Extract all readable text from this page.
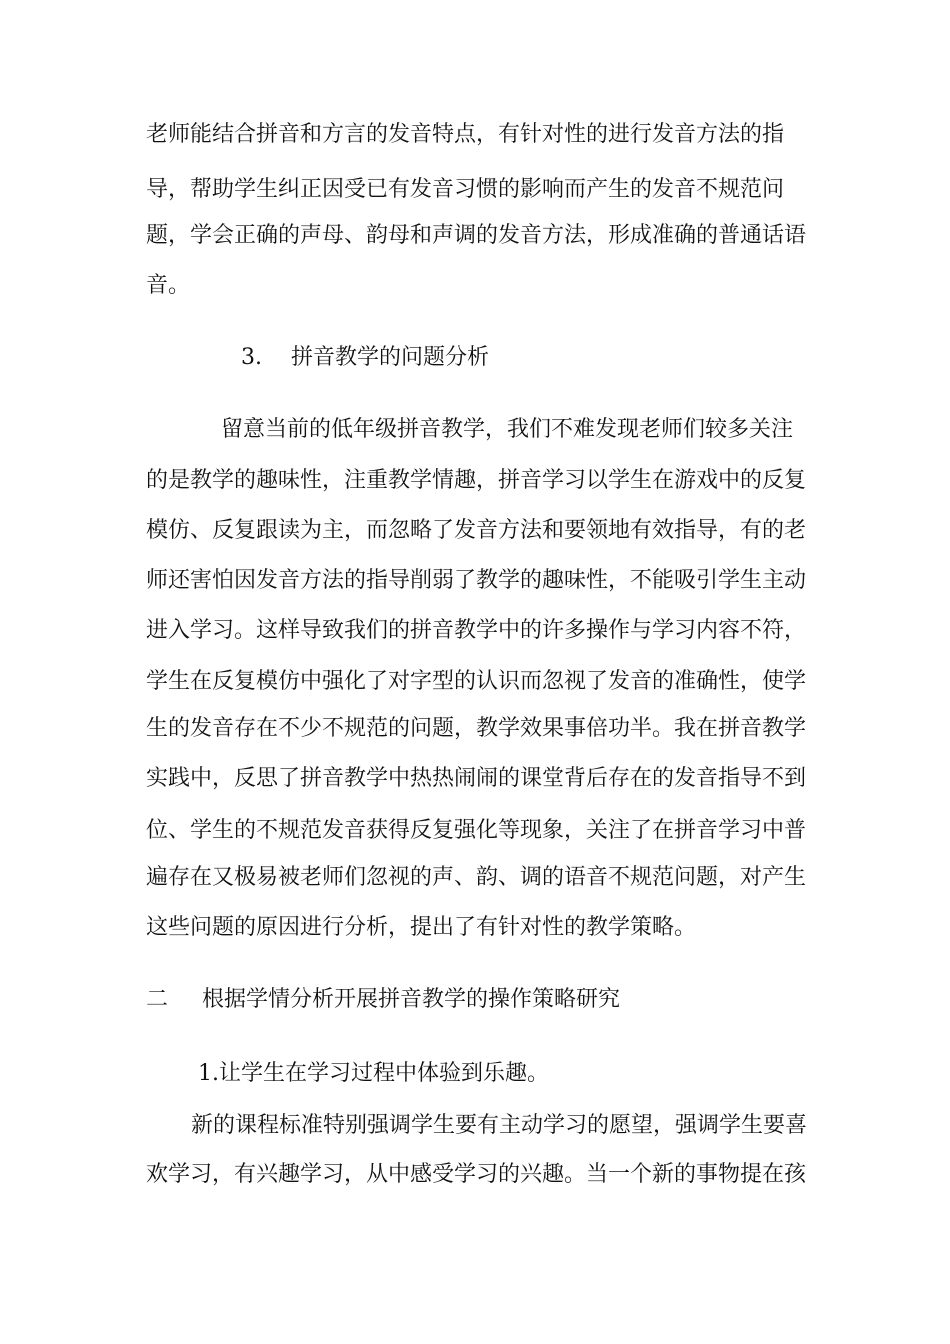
老师能结合拼音和方言的发音特点，有针对性的进行发音方法的指
导，帮助学生纠正因受已有发音习惯的影响而产生的发音不规范问
题，学会正确的声母、韵母和声调的发音方法，形成准确的普通话语
音。
3. 拼音教学的问题分析
留意当前的低年级拼音教学，我们不难发现老师们较多关注
的是教学的趣味性，注重教学情趣，拼音学习以学生在游戏中的反复
模仿、反复跟读为主，而忽略了发音方法和要领地有效指导，有的老
师还害怕因发音方法的指导削弱了教学的趣味性，不能吸引学生主动
进入学习。这样导致我们的拼音教学中的许多操作与学习内容不符，
学生在反复模仿中强化了对字型的认识而忽视了发音的准确性，使学
生的发音存在不少不规范的问题，教学效果事倍功半。我在拼音教学
实践中，反思了拼音教学中热热闹闹的课堂背后存在的发音指导不到
位、学生的不规范发音获得反复强化等现象，关注了在拼音学习中普
遍存在又极易被老师们忽视的声、韵、调的语音不规范问题，对产生
这些问题的原因进行分析，提出了有针对性的教学策略。
二 根据学情分析开展拼音教学的操作策略研究
1.让学生在学习过程中体验到乐趣。
新的课程标准特别强调学生要有主动学习的愿望，强调学生要喜
欢学习，有兴趣学习，从中感受学习的兴趣。当一个新的事物提在孩
